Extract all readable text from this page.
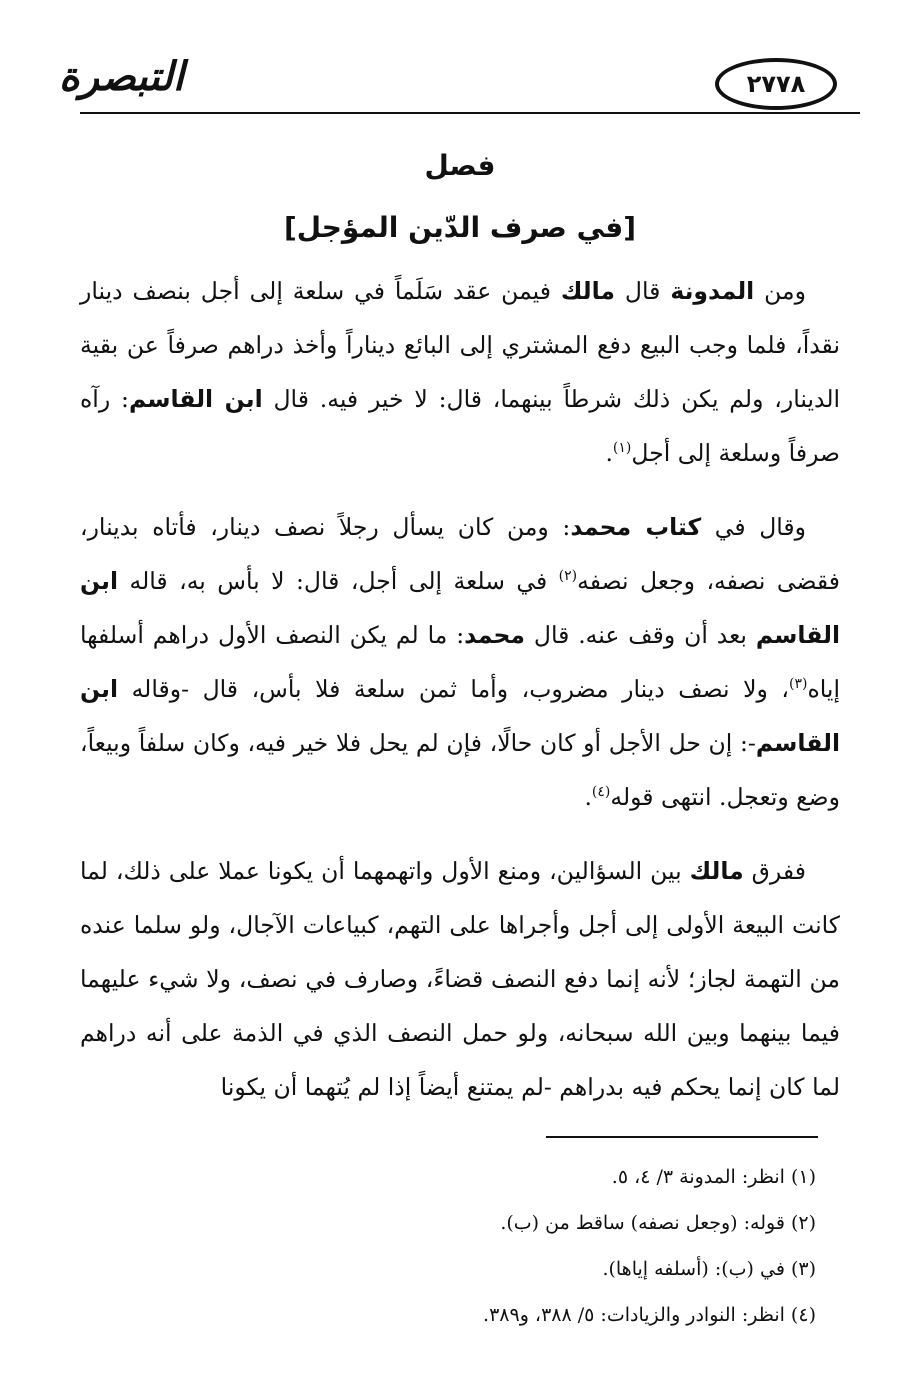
التبصرة	٢٧٧٨
فصل
[في صرف الدّين المؤجل]

ومن المدونة قال مالك فيمن عقد سَلَماً في سلعة إلى أجل بنصف دينار نقداً، فلما وجب البيع دفع المشتري إلى البائع ديناراً وأخذ دراهم صرفاً عن بقية الدينار، ولم يكن ذلك شرطاً بينهما، قال: لا خير فيه. قال ابن القاسم: رآه صرفاً وسلعة إلى أجل$^{(١)}$.

وقال في كتاب محمد: ومن كان يسأل رجلاً نصف دينار، فأتاه بدينار، فقضى نصفه، وجعل نصفه$^{(٢)}$ في سلعة إلى أجل، قال: لا بأس به، قاله ابن القاسم بعد أن وقف عنه. قال محمد: ما لم يكن النصف الأول دراهم أسلفها إياه$^{(٣)}$، ولا نصف دينار مضروب، وأما ثمن سلعة فلا بأس، قال -وقاله ابن القاسم-: إن حل الأجل أو كان حالًا، فإن لم يحل فلا خير فيه، وكان سلفاً وبيعاً، وضع وتعجل. انتهى قوله$^{(٤)}$.

ففرق مالك بين السؤالين، ومنع الأول واتهمهما أن يكونا عملا على ذلك، لما كانت البيعة الأولى إلى أجل وأجراها على التهم، كبياعات الآجال، ولو سلما عنده من التهمة لجاز؛ لأنه إنما دفع النصف قضاءً، وصارف في نصف، ولا شيء عليهما فيما بينهما وبين الله سبحانه، ولو حمل النصف الذي في الذمة على أنه دراهم لما كان إنما يحكم فيه بدراهم -لم يمتنع أيضاً إذا لم يُتهما أن يكونا

(١) انظر: المدونة ٣/ ٤، ٥.
(٢) قوله: (وجعل نصفه) ساقط من (ب).
(٣) في (ب): (أسلفه إياها).
(٤) انظر: النوادر والزيادات: ٥/ ٣٨٨، و٣٨٩.
